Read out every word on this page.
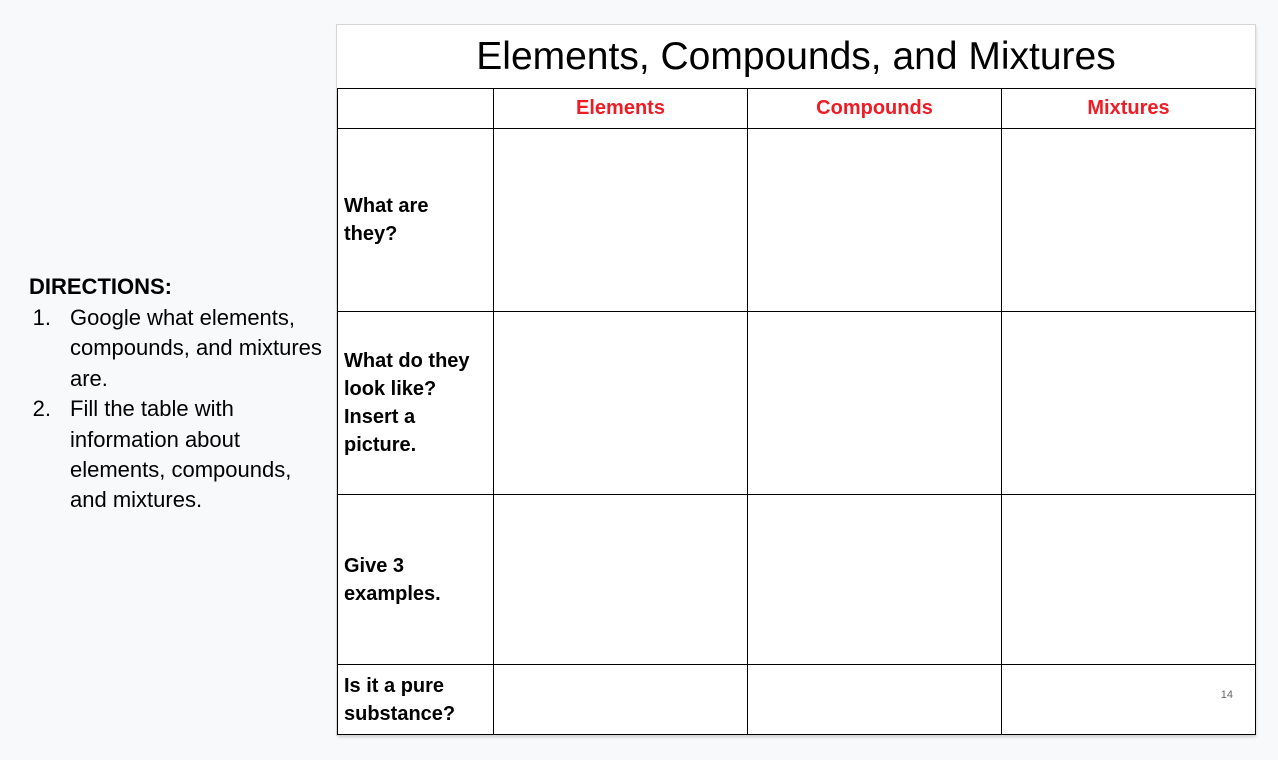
DIRECTIONS:
1. Google what elements, compounds, and mixtures are.
2. Fill the table with information about elements, compounds, and mixtures.
Elements, Compounds, and Mixtures
	Elements	Compounds	Mixtures
What are they?			
What do they look like? Insert a picture.			
Give 3 examples.			
Is it a pure substance?			
14
